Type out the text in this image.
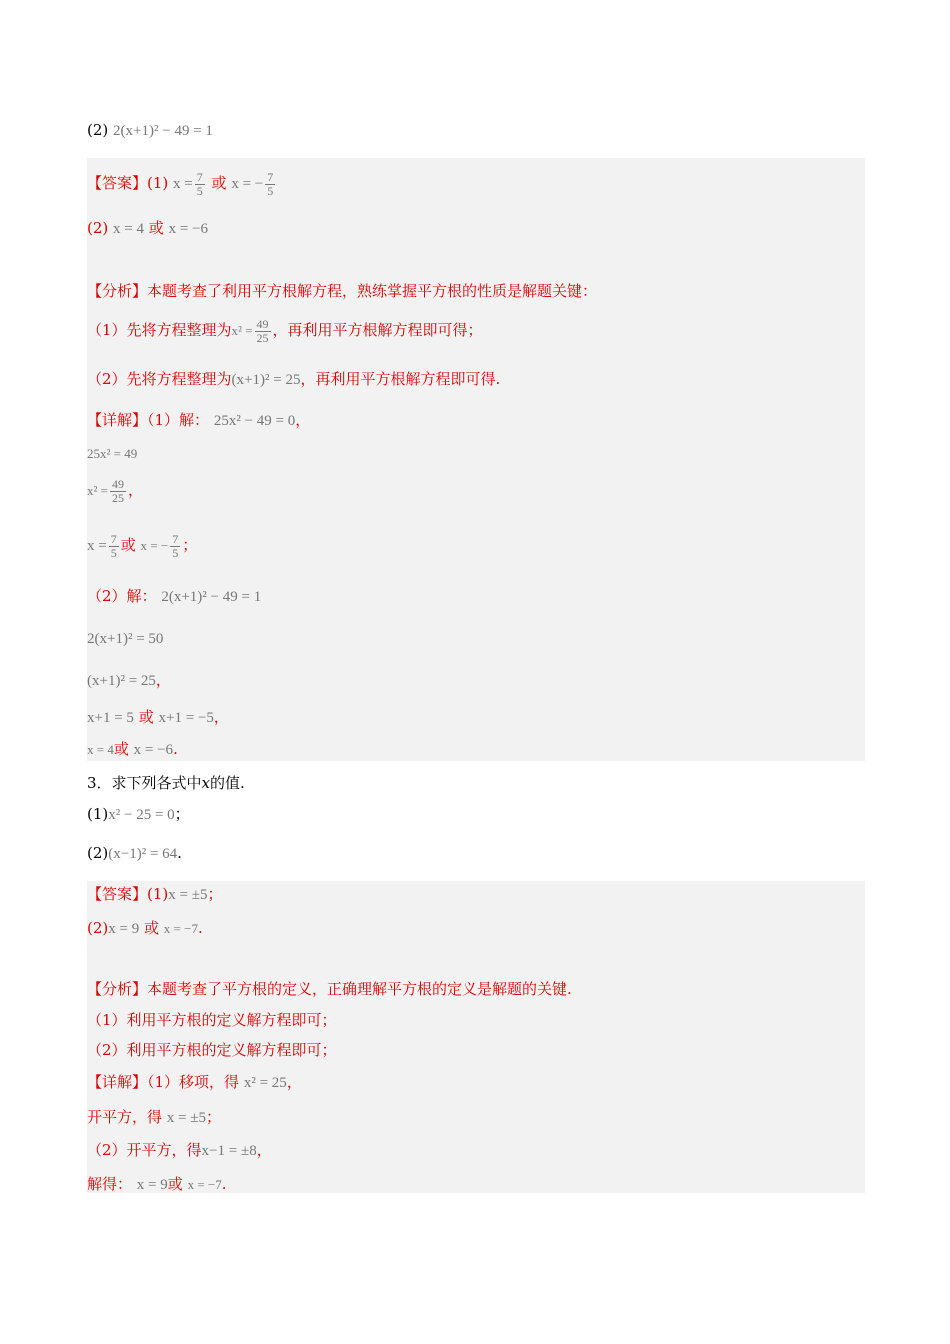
(2) 2(x+1)² − 49 = 1
【答案】(1) $x = \frac{7}{5}$ 或 x = − $\frac{7}{5}$
(2) x = 4 或 x = −6
【分析】本题考查了利用平方根解方程，熟练掌握平方根的性质是解题关键：
（1）先将方程整理为$x^2 = \frac{49}{25}$ ，再利用平方根解方程即可得；
（2）先将方程整理为(x+1)² = 25，再利用平方根解方程即可得.
【详解】（1）解： 25x² − 49 = 0，
25x² = 49
$x^2 = \frac{49}{25}$ ，
$x = \frac{7}{5}$ 或 x = − $\frac{7}{5}$ ；
（2）解： 2(x+1)² − 49 = 1
2(x+1)² = 50
(x+1)² = 25，
x+1 = 5 或 x+1 = −5，
x = 4或 x = −6.
3．求下列各式中x的值.
(1)x² − 25 = 0；
(2)(x−1)² = 64.
【答案】(1)x = ±5；
(2)x = 9 或 x = −7.
【分析】本题考查了平方根的定义，正确理解平方根的定义是解题的关键.
（1）利用平方根的定义解方程即可；
（2）利用平方根的定义解方程即可；
【详解】（1）移项，得 x² = 25，
开平方，得 x = ±5；
（2）开平方，得x−1 = ±8，
解得： x = 9或 x = −7.
